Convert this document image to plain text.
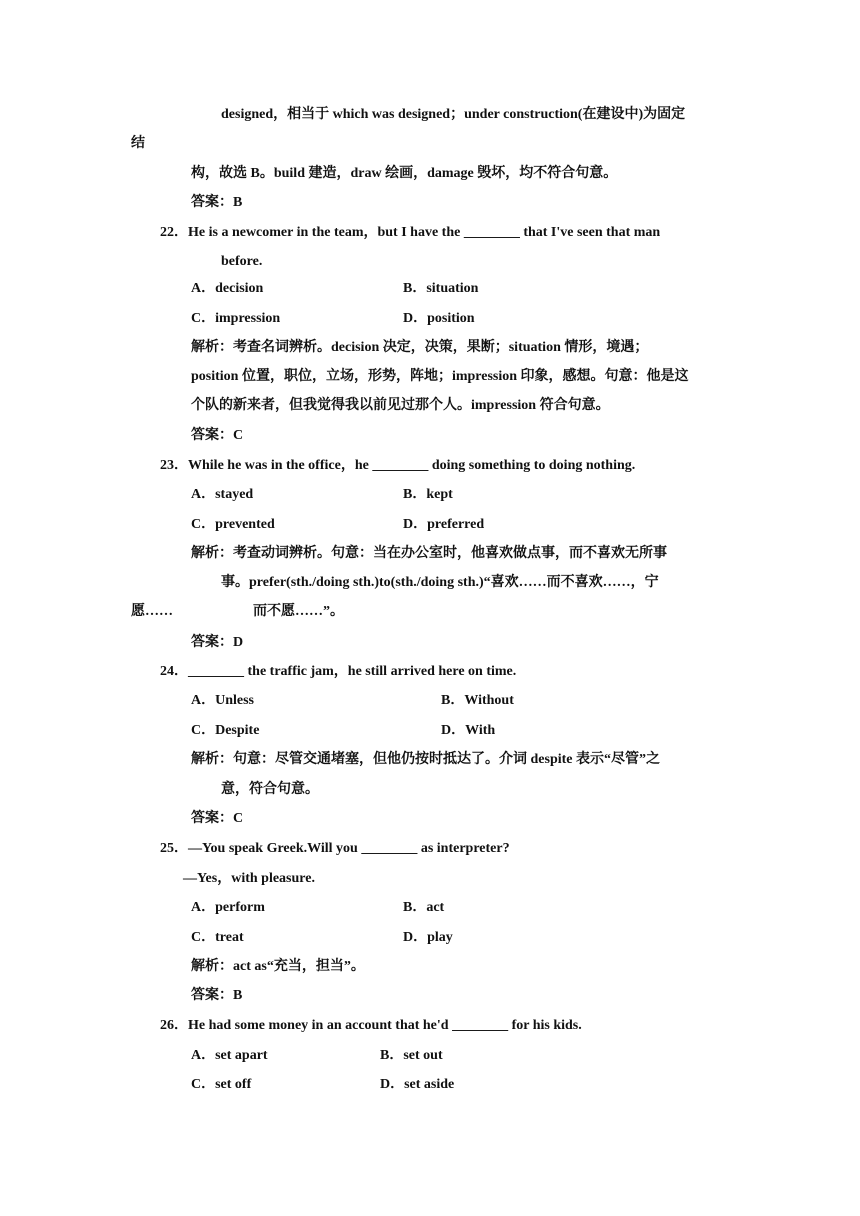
designed，相当于 which was designed；under construction(在建设中)为固定
结
构，故选 B。build 建造，draw 绘画，damage 毁坏，均不符合句意。
答案：B
22．He is a newcomer in the team，but I have the ________ that I've seen that man
before.
A．decision	B．situation
C．impression	D．position
解析：考查名词辨析。decision 决定，决策，果断；situation 情形，境遇；
position 位置，职位，立场，形势，阵地；impression 印象，感想。句意：他是这
个队的新来者，但我觉得我以前见过那个人。impression 符合句意。
答案：C
23．While he was in the office，he ________ doing something to doing nothing.
A．stayed	B．kept
C．prevented	D．preferred
解析：考查动词辨析。句意：当在办公室时，他喜欢做点事，而不喜欢无所事
事。prefer(sth./doing sth.)to(sth./doing sth.)“喜欢……而不喜欢……，宁
愿……	而不愿……”。
答案：D
24．________ the traffic jam，he still arrived here on time.
A．Unless	B．Without
C．Despite	D．With
解析：句意：尽管交通堵塞，但他仍按时抵达了。介词 despite 表示“尽管”之
意，符合句意。
答案：C
25．—You speak Greek.Will you ________ as interpreter?
—Yes，with pleasure.
A．perform	B．act
C．treat	D．play
解析：act as“充当，担当”。
答案：B
26．He had some money in an account that he'd ________ for his kids.
A．set apart	B．set out
C．set off	D．set aside
